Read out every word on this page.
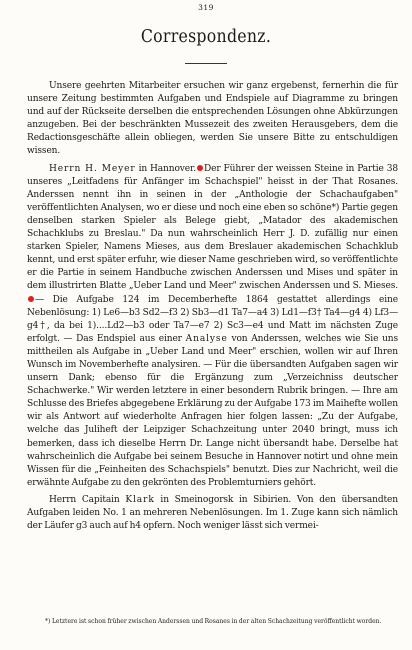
319
Correspondenz.

Unsere geehrten Mitarbeiter ersuchen wir ganz ergebenst, fernerhin die für unsere Zeitung bestimmten Aufgaben und Endspiele auf Diagramme zu bringen und auf der Rückseite derselben die entsprechenden Lösungen ohne Abkürzungen anzugeben. Bei der beschränkten Mussezeit des zweiten Herausgebers, dem die Redactionsgeschäfte allein obliegen, werden Sie unsere Bitte zu entschuldigen wissen.

Herrn H. Meyer in Hannover. Der Führer der weissen Steine in Partie 38 unseres „Leitfadens für Anfänger im Schachspiel" heisst in der That Rosanes. Anderssen nennt ihn in seinen in der „Anthologie der Schachaufgaben" veröffentlichten Analysen, wo er diese und noch eine eben so schöne*) Partie gegen denselben starken Spieler als Belege giebt, „Matador des akademischen Schachklubs zu Breslau." Da nun wahrscheinlich Herr J. D. zufällig nur einen starken Spieler, Namens Mieses, aus dem Breslauer akademischen Schachklub kennt, und erst später erfuhr, wie dieser Name geschrieben wird, so veröffentlichte er die Partie in seinem Handbuche zwischen Anderssen und Mises und später in dem illustrirten Blatte „Ueber Land und Meer" zwischen Anderssen und S. Mieses.— Die Aufgabe 124 im Decemberhefte 1864 gestattet allerdings eine Nebenlösung: 1) Le6—b3 Sd2—f3 2) Sb3—d1 Ta7—a4 3) Ld1—f3† Ta4—g4 4) Lf3—g4†, da bei 1)....Ld2—b3 oder Ta7—e7 2) Sc3—e4 und Matt im nächsten Zuge erfolgt. — Das Endspiel aus einer Analyse von Anderssen, welches wie Sie uns mittheilen als Aufgabe in „Ueber Land und Meer" erschien, wollen wir auf Ihren Wunsch im Novemberhefte analysiren. — Für die übersandten Aufgaben sagen wir unsern Dank; ebenso für die Ergänzung zum „Verzeichniss deutscher Schachwerke." Wir werden letztere in einer besondern Rubrik bringen. — Ihre am Schlusse des Briefes abgegebene Erklärung zu der Aufgabe 173 im Maihefte wollen wir als Antwort auf wiederholte Anfragen hier folgen lassen: „Zu der Aufgabe, welche das Juliheft der Leipziger Schachzeitung unter 2040 bringt, muss ich bemerken, dass ich dieselbe Herrn Dr. Lange nicht übersandt habe. Derselbe hat wahrscheinlich die Aufgabe bei seinem Besuche in Hannover notirt und ohne mein Wissen für die „Feinheiten des Schachspiels" benutzt. Dies zur Nachricht, weil die erwähnte Aufgabe zu den gekrönten des Problemturniers gehört.

Herrn Capitain Klark in Smeinogorsk in Sibirien. Von den übersandten Aufgaben leiden No. 1 an mehreren Nebenlösungen. Im 1. Zuge kann sich nämlich der Läufer g3 auch auf h4 opfern. Noch weniger lässt sich vermei-

*) Letztere ist schon früher zwischen Anderssen und Rosanes in der alten Schachzeitung veröffentlicht worden.
